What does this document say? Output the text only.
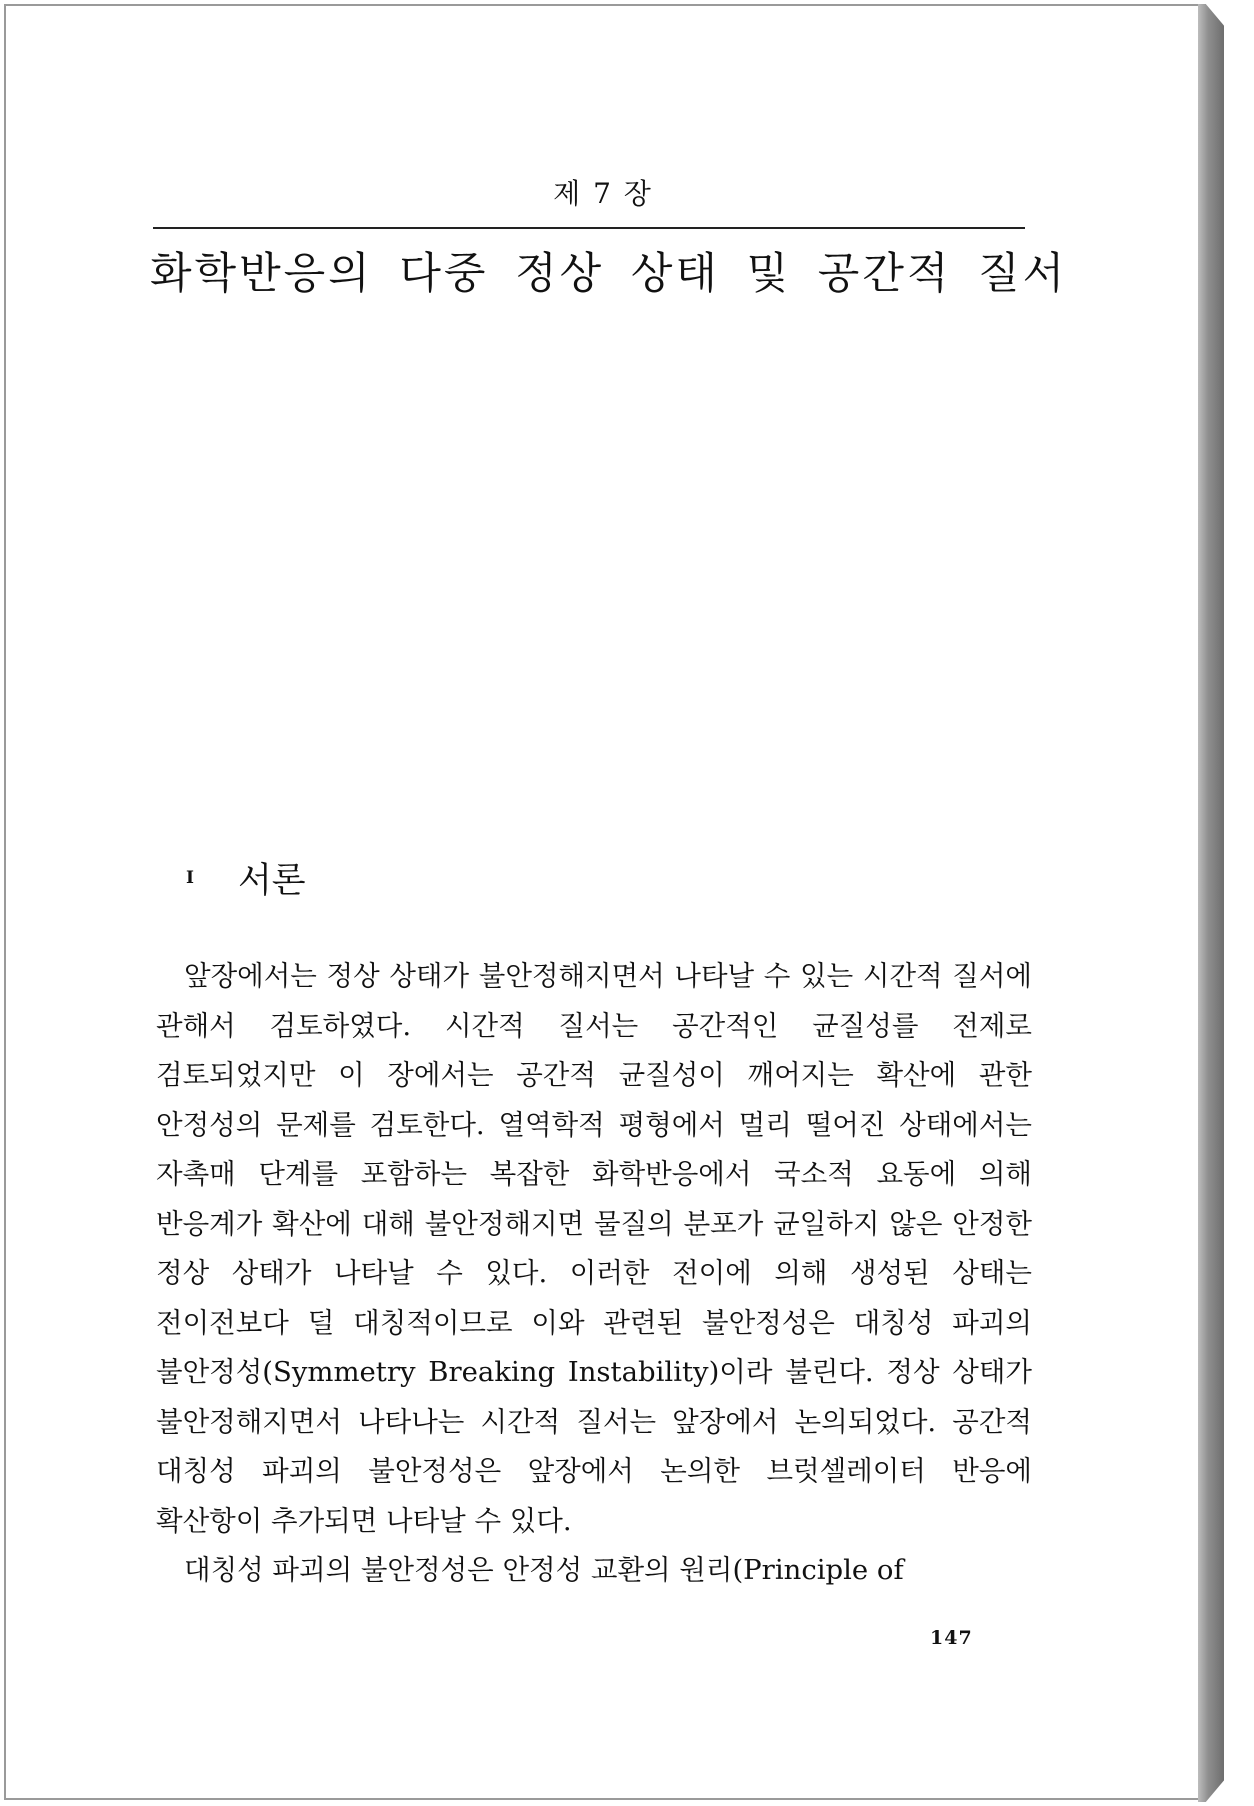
제 7 장
화학반응의 다중 정상 상태 및 공간적 질서
I 서론

앞장에서는 정상 상태가 불안정해지면서 나타날 수 있는 시간적 질서에 관해서 검토하였다. 시간적 질서는 공간적인 균질성를 전제로 검토되었지만 이 장에서는 공간적 균질성이 깨어지는 확산에 관한 안정성의 문제를 검토한다. 열역학적 평형에서 멀리 떨어진 상태에서는 자촉매 단계를 포함하는 복잡한 화학반응에서 국소적 요동에 의해 반응계가 확산에 대해 불안정해지면 물질의 분포가 균일하지 않은 안정한 정상 상태가 나타날 수 있다. 이러한 전이에 의해 생성된 상태는 전이전보다 덜 대칭적이므로 이와 관련된 불안정성은 대칭성 파괴의 불안정성(Symmetry Breaking Instability)이라 불린다. 정상 상태가 불안정해지면서 나타나는 시간적 질서는 앞장에서 논의되었다. 공간적 대칭성 파괴의 불안정성은 앞장에서 논의한 브럿셀레이터 반응에 확산항이 추가되면 나타날 수 있다.

대칭성 파괴의 불안정성은 안정성 교환의 원리(Principle of

147
